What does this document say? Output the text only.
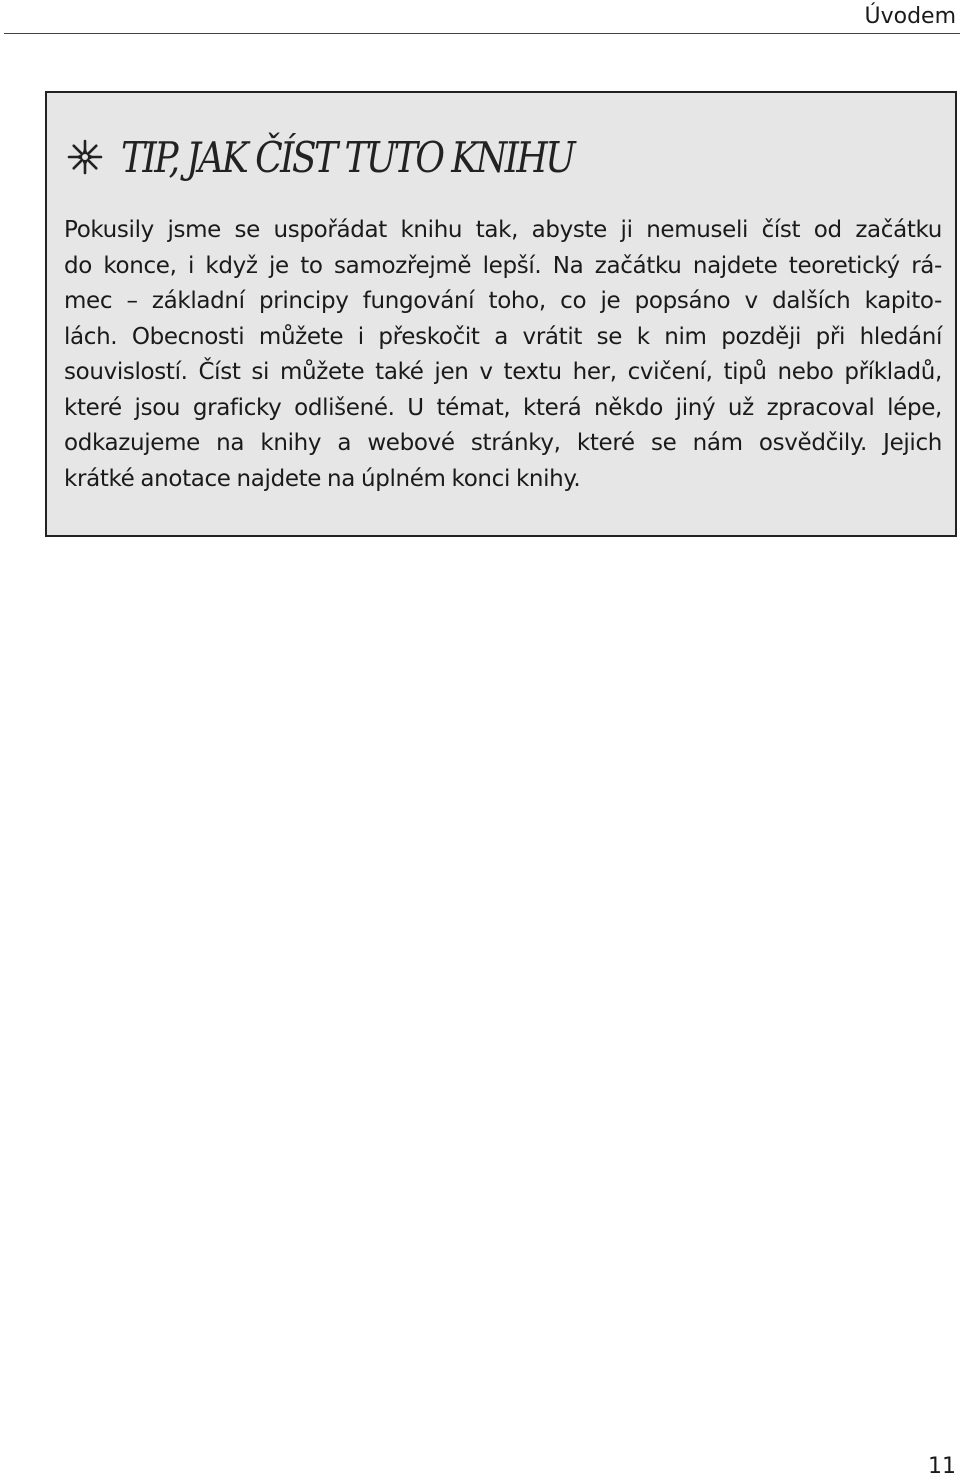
Úvodem
TIP, JAK ČÍST TUTO KNIHU

Pokusily jsme se uspořádat knihu tak, abyste ji nemuseli číst od začátku
do konce, i když je to samozřejmě lepší. Na začátku najdete teoretický rá-
mec – základní principy fungování toho, co je popsáno v dalších kapito-
lách. Obecnosti můžete i přeskočit a vrátit se k nim později při hledání
souvislostí. Číst si můžete také jen v textu her, cvičení, tipů nebo příkladů,
které jsou graficky odlišené. U témat, která někdo jiný už zpracoval lépe,
odkazujeme na knihy a webové stránky, které se nám osvědčily. Jejich
krátké anotace najdete na úplném konci knihy.

11
